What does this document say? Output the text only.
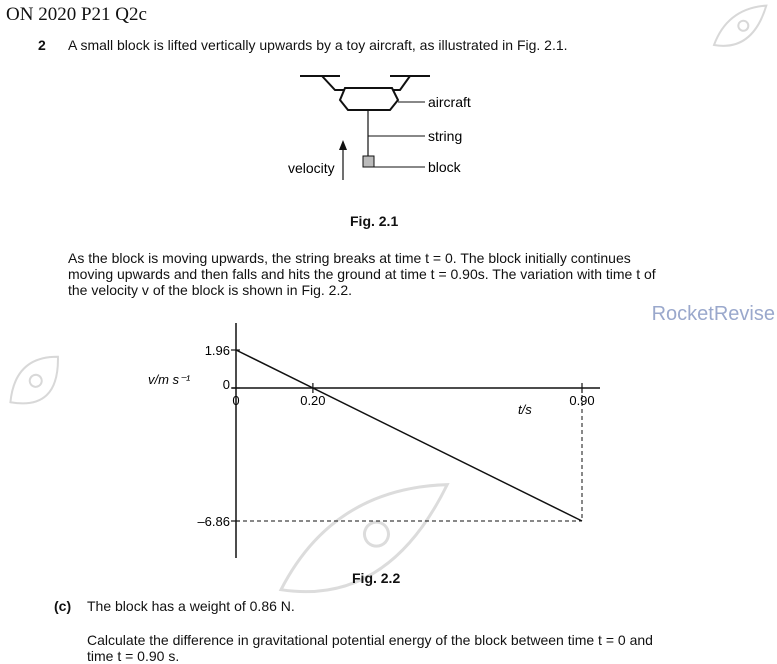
ON 2020 P21 Q2c
2 A small block is lifted vertically upwards by a toy aircraft, as illustrated in Fig. 2.1.
aircraft
string
block
velocity
Fig. 2.1

As the block is moving upwards, the string breaks at time t = 0. The block initially continues

moving upwards and then falls and hits the ground at time t = 0.90s. The variation with time t of

the velocity v of the block is shown in Fig. 2.2.

RocketRevise
1.96
0
–6.86
0	0.20	0.90
v/m s⁻¹
t/s
Fig. 2.2
(c) The block has a weight of 0.86 N.

Calculate the difference in gravitational potential energy of the block between time t = 0 and

time t = 0.90 s.
